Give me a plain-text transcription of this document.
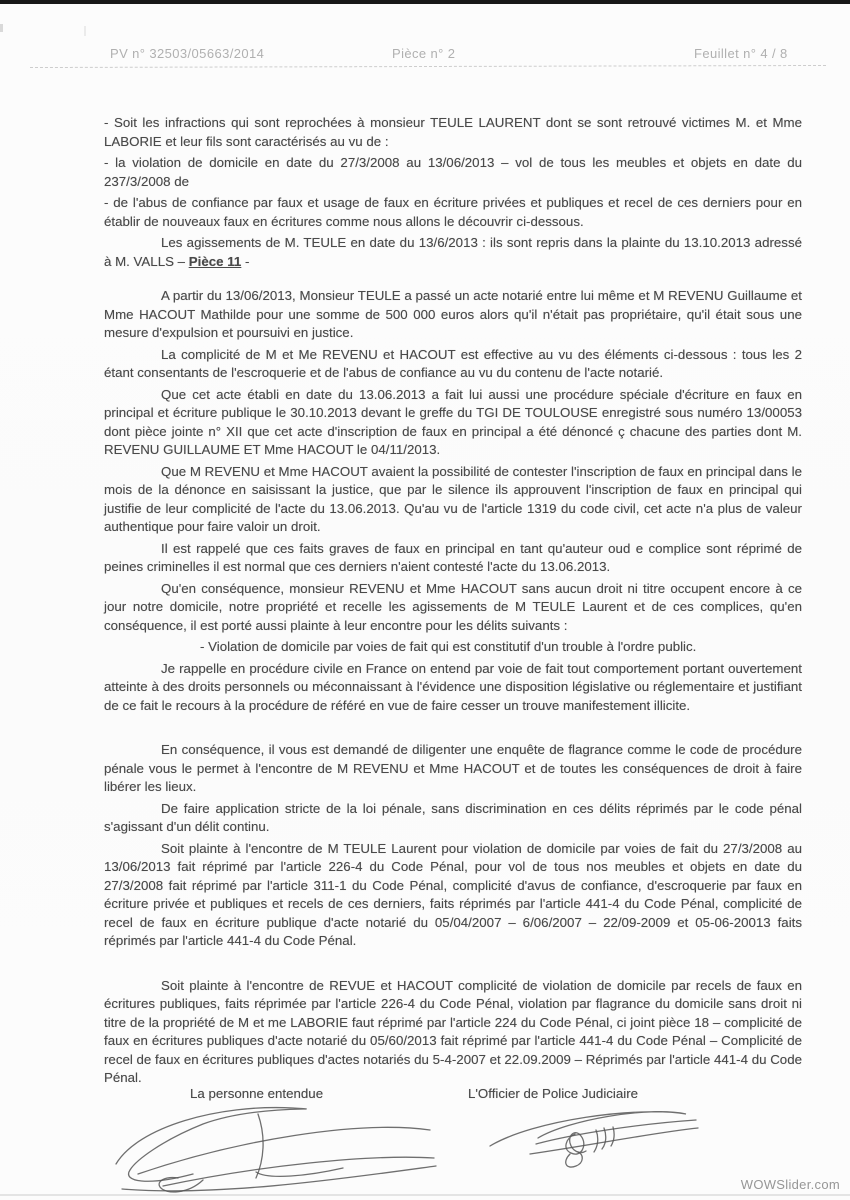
PV n° 32503/05663/2014	Pièce n° 2	Feuillet n° 4 / 8

- Soit les infractions qui sont reprochées à monsieur TEULE LAURENT dont se sont retrouvé victimes M. et Mme LABORIE et leur fils sont caractérisés au vu de :

- la violation de domicile en date du 27/3/2008 au 13/06/2013 – vol de tous les meubles et objets en date du 237/3/2008 de

- de l'abus de confiance par faux et usage de faux en écriture privées et publiques et recel de ces derniers pour en établir de nouveaux faux en écritures comme nous allons le découvrir ci-dessous.

Les agissements de M. TEULE en date du 13/6/2013 : ils sont repris dans la plainte du 13.10.2013 adressé à M. VALLS – Pièce 11 -

A partir du 13/06/2013, Monsieur TEULE a passé un acte notarié entre lui même et M REVENU Guillaume et Mme HACOUT Mathilde pour une somme de 500 000 euros alors qu'il n'était pas propriétaire, qu'il était sous une mesure d'expulsion et poursuivi en justice.

La complicité de M et Me REVENU et HACOUT est effective au vu des éléments ci-dessous : tous les 2 étant consentants de l'escroquerie et de l'abus de confiance au vu du contenu de l'acte notarié.

Que cet acte établi en date du 13.06.2013 a fait lui aussi une procédure spéciale d'écriture en faux en principal et écriture publique le 30.10.2013 devant le greffe du TGI DE TOULOUSE enregistré sous numéro 13/00053 dont pièce jointe n° XII que cet acte d'inscription de faux en principal a été dénoncé ç chacune des parties dont M. REVENU GUILLAUME ET Mme HACOUT le 04/11/2013.

Que M REVENU et Mme HACOUT avaient la possibilité de contester l'inscription de faux en principal dans le mois de la dénonce en saisissant la justice, que par le silence ils approuvent l'inscription de faux en principal qui justifie de leur complicité de l'acte du 13.06.2013. Qu'au vu de l'article 1319 du code civil, cet acte n'a plus de valeur authentique pour faire valoir un droit.

Il est rappelé que ces faits graves de faux en principal en tant qu'auteur oud e complice sont réprimé de peines criminelles il est normal que ces derniers n'aient contesté l'acte du 13.06.2013.

Qu'en conséquence, monsieur REVENU et Mme HACOUT sans aucun droit ni titre occupent encore à ce jour notre domicile, notre propriété et recelle les agissements de M TEULE Laurent et de ces complices, qu'en conséquence, il est porté aussi plainte à leur encontre pour les délits suivants :

- Violation de domicile par voies de fait qui est constitutif d'un trouble à l'ordre public.

Je rappelle en procédure civile en France on entend par voie de fait tout comportement portant ouvertement atteinte à des droits personnels ou méconnaissant à l'évidence une disposition législative ou réglementaire et justifiant de ce fait le recours à la procédure de référé en vue de faire cesser un trouve manifestement illicite.

En conséquence, il vous est demandé de diligenter une enquête de flagrance comme le code de procédure pénale vous le permet à l'encontre de M REVENU et Mme HACOUT et de toutes les conséquences de droit à faire libérer les lieux.

De faire application stricte de la loi pénale, sans discrimination en ces délits réprimés par le code pénal s'agissant d'un délit continu.

Soit plainte à l'encontre de M TEULE Laurent pour violation de domicile par voies de fait du 27/3/2008 au 13/06/2013 fait réprimé par l'article 226-4 du Code Pénal, pour vol de tous nos meubles et objets en date du 27/3/2008 fait réprimé par l'article 311-1 du Code Pénal, complicité d'avus de confiance, d'escroquerie par faux en écriture privée et publiques et recels de ces derniers, faits réprimés par l'article 441-4 du Code Pénal, complicité de recel de faux en écriture publique d'acte notarié du 05/04/2007 – 6/06/2007 – 22/09-2009 et 05-06-20013 faits réprimés par l'article 441-4 du Code Pénal.

Soit plainte à l'encontre de REVUE et HACOUT complicité de violation de domicile par recels de faux en écritures publiques, faits réprimée par l'article 226-4 du Code Pénal, violation par flagrance du domicile sans droit ni titre de la propriété de M et me LABORIE faut réprimé par l'article 224 du Code Pénal, ci joint pièce 18 – complicité de faux en écritures publiques d'acte notarié du 05/60/2013 fait réprimé par l'article 441-4 du Code Pénal – Complicité de recel de faux en écritures publiques d'actes notariés du 5-4-2007 et 22.09.2009 – Réprimés par l'article 441-4 du Code Pénal.

La personne entendue	L'Officier de Police Judiciaire
WOWSlider.com
